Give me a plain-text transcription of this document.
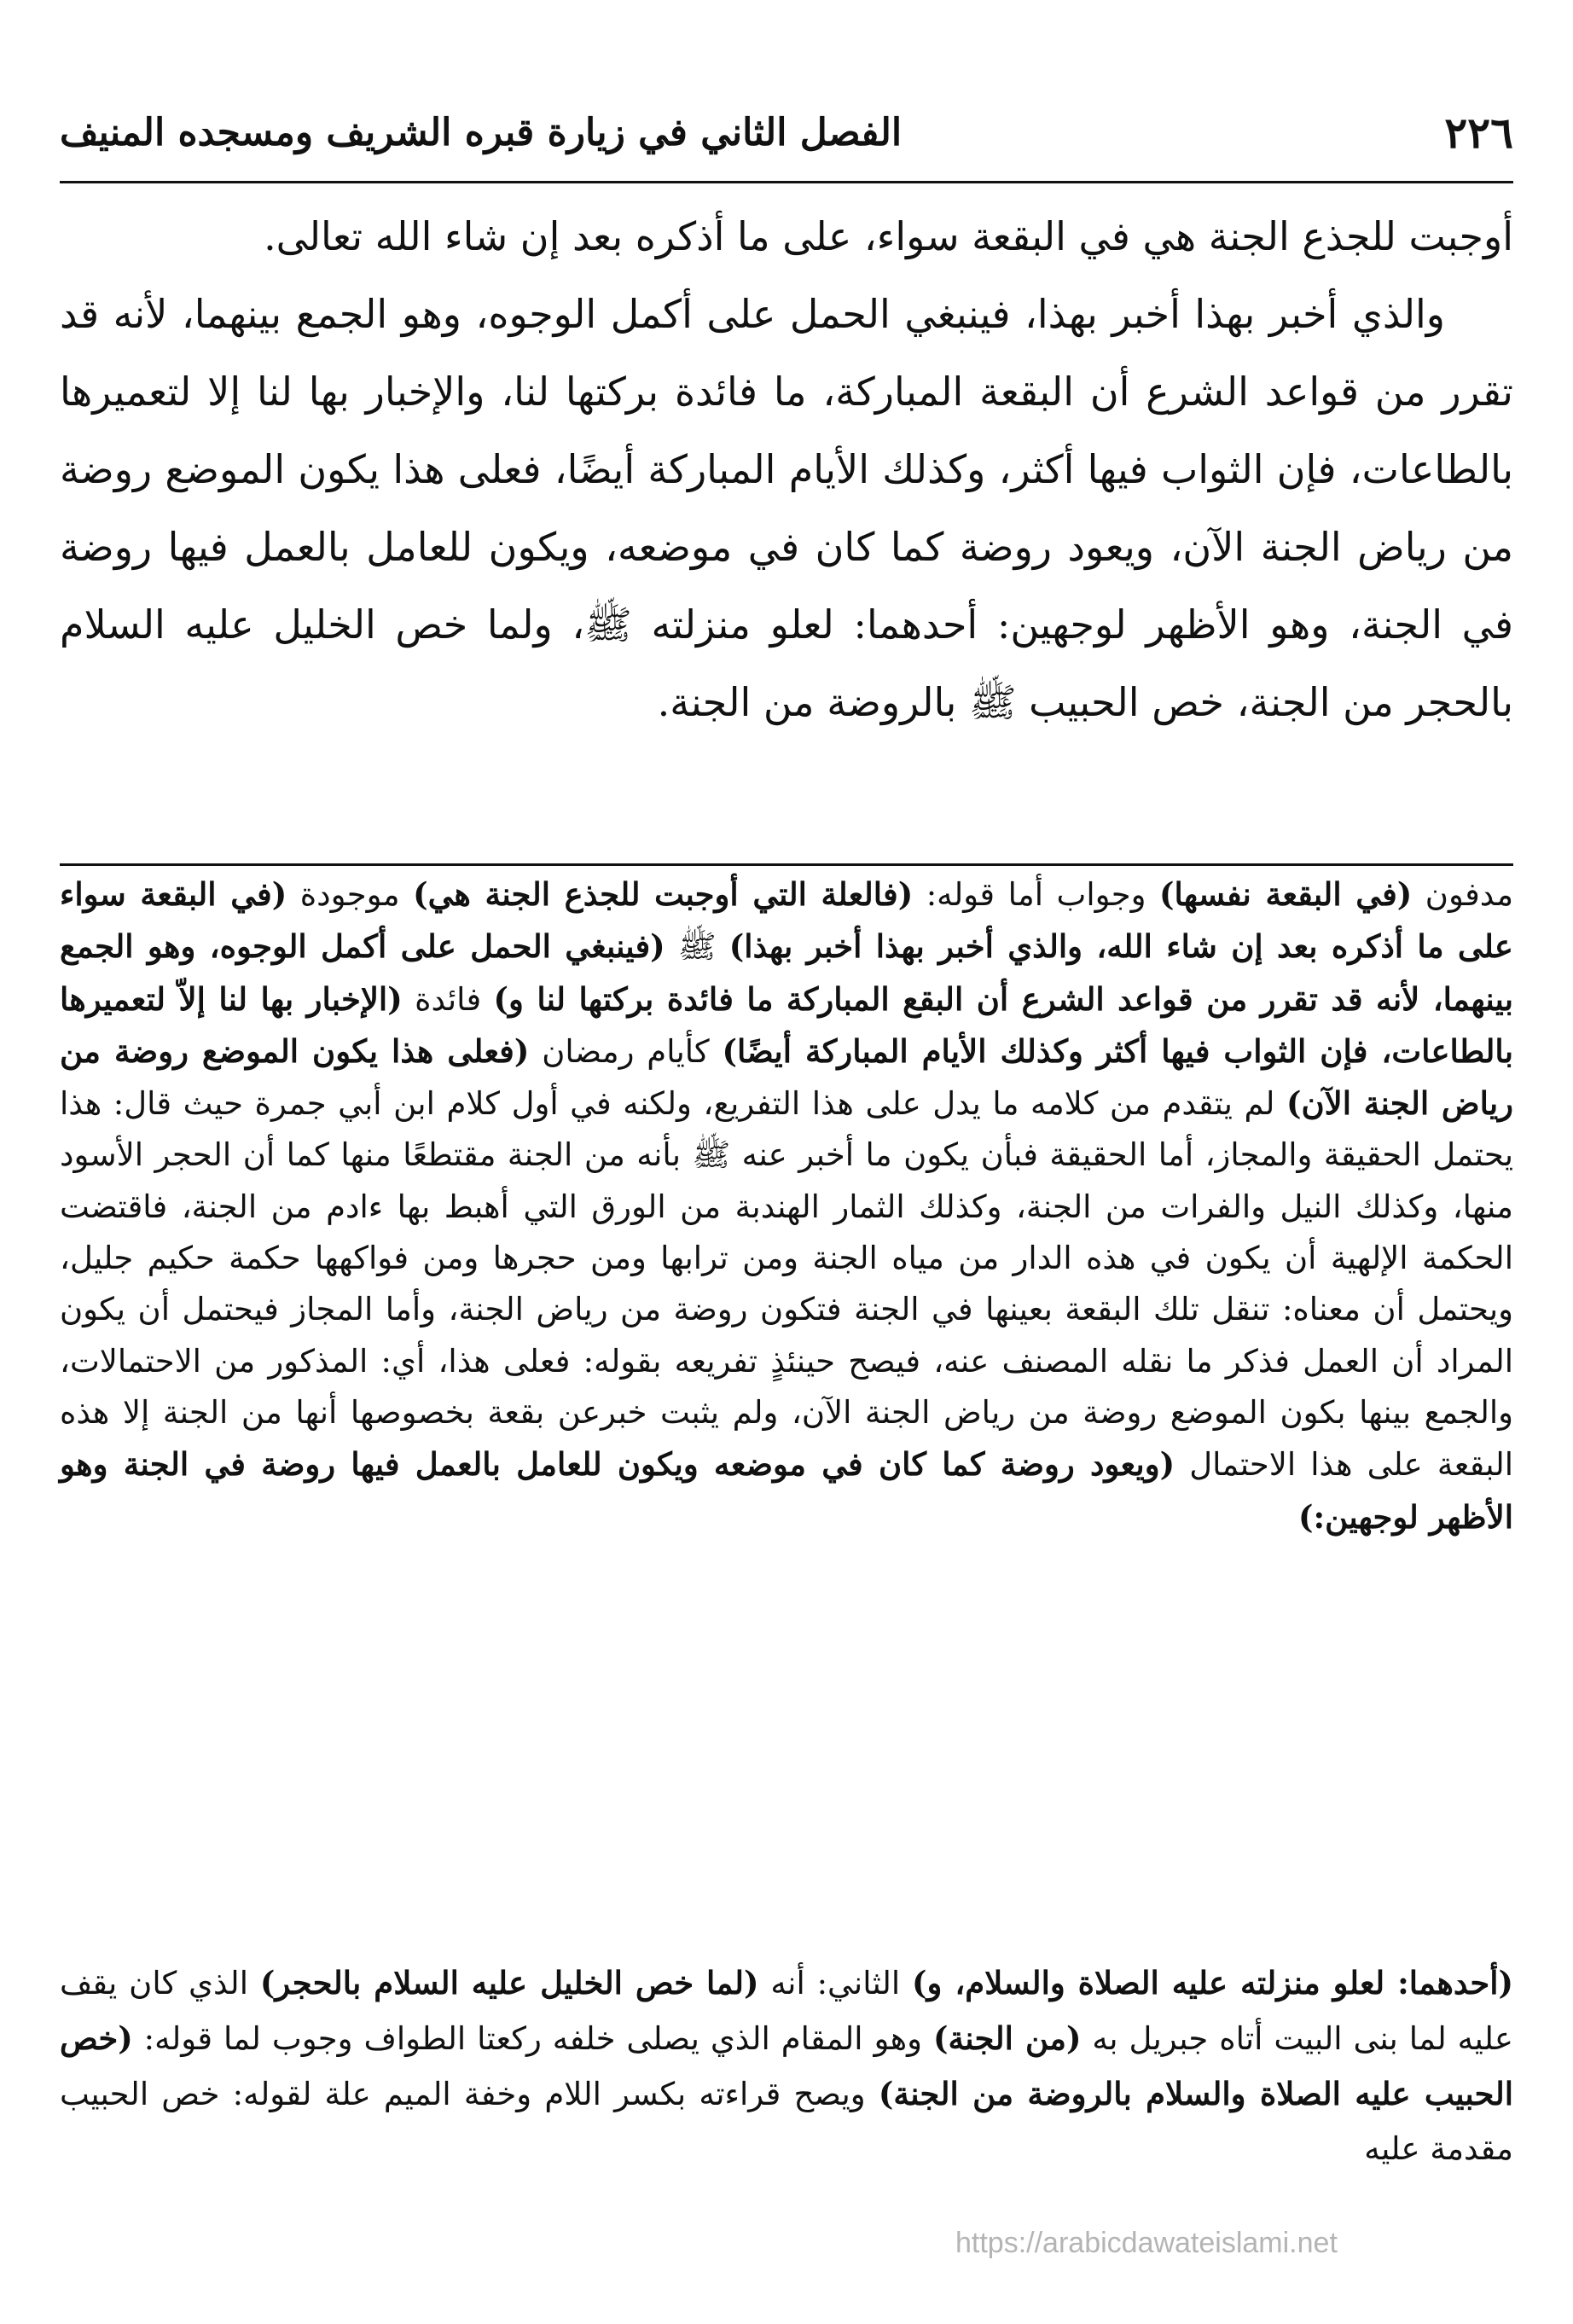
٢٢٦
الفصل الثاني في زيارة قبره الشريف ومسجده المنيف

أوجبت للجذع الجنة هي في البقعة سواء، على ما أذكره بعد إن شاء الله تعالى.

والذي أخبر بهذا أخبر بهذا، فينبغي الحمل على أكمل الوجوه، وهو الجمع بينهما، لأنه قد تقرر من قواعد الشرع أن البقعة المباركة، ما فائدة بركتها لنا، والإخبار بها لنا إلا لتعميرها بالطاعات، فإن الثواب فيها أكثر، وكذلك الأيام المباركة أيضًا، فعلى هذا يكون الموضع روضة من رياض الجنة الآن، ويعود روضة كما كان في موضعه، ويكون للعامل بالعمل فيها روضة في الجنة، وهو الأظهر لوجهين: أحدهما: لعلو منزلته ﷺ، ولما خص الخليل عليه السلام بالحجر من الجنة، خص الحبيب ﷺ بالروضة من الجنة.

مدفون (في البقعة نفسها) وجواب أما قوله: (فالعلة التي أوجبت للجذع الجنة هي) موجودة (في البقعة سواء على ما أذكره بعد إن شاء الله، والذي أخبر بهذا أخبر بهذا) ﷺ (فينبغي الحمل على أكمل الوجوه، وهو الجمع بينهما، لأنه قد تقرر من قواعد الشرع أن البقع المباركة ما فائدة بركتها لنا و) فائدة (الإخبار بها لنا إلاّ لتعميرها بالطاعات، فإن الثواب فيها أكثر وكذلك الأيام المباركة أيضًا) كأيام رمضان (فعلى هذا يكون الموضع روضة من رياض الجنة الآن) لم يتقدم من كلامه ما يدل على هذا التفريع، ولكنه في أول كلام ابن أبي جمرة حيث قال: هذا يحتمل الحقيقة والمجاز، أما الحقيقة فبأن يكون ما أخبر عنه ﷺ بأنه من الجنة مقتطعًا منها كما أن الحجر الأسود منها، وكذلك النيل والفرات من الجنة، وكذلك الثمار الهندبة من الورق التي أهبط بها ءادم من الجنة، فاقتضت الحكمة الإلهية أن يكون في هذه الدار من مياه الجنة ومن ترابها ومن حجرها ومن فواكهها حكمة حكيم جليل، ويحتمل أن معناه: تنقل تلك البقعة بعينها في الجنة فتكون روضة من رياض الجنة، وأما المجاز فيحتمل أن يكون المراد أن العمل فذكر ما نقله المصنف عنه، فيصح حينئذٍ تفريعه بقوله: فعلى هذا، أي: المذكور من الاحتمالات، والجمع بينها بكون الموضع روضة من رياض الجنة الآن، ولم يثبت خبرعن بقعة بخصوصها أنها من الجنة إلا هذه البقعة على هذا الاحتمال (ويعود روضة كما كان في موضعه ويكون للعامل بالعمل فيها روضة في الجنة وهو الأظهر لوجهين:)

(أحدهما: لعلو منزلته عليه الصلاة والسلام، و) الثاني: أنه (لما خص الخليل عليه السلام بالحجر) الذي كان يقف عليه لما بنى البيت أتاه جبريل به (من الجنة) وهو المقام الذي يصلى خلفه ركعتا الطواف وجوب لما قوله: (خص الحبيب عليه الصلاة والسلام بالروضة من الجنة) ويصح قراءته بكسر اللام وخفة الميم علة لقوله: خص الحبيب مقدمة عليه

https://arabicdawateislami.net
